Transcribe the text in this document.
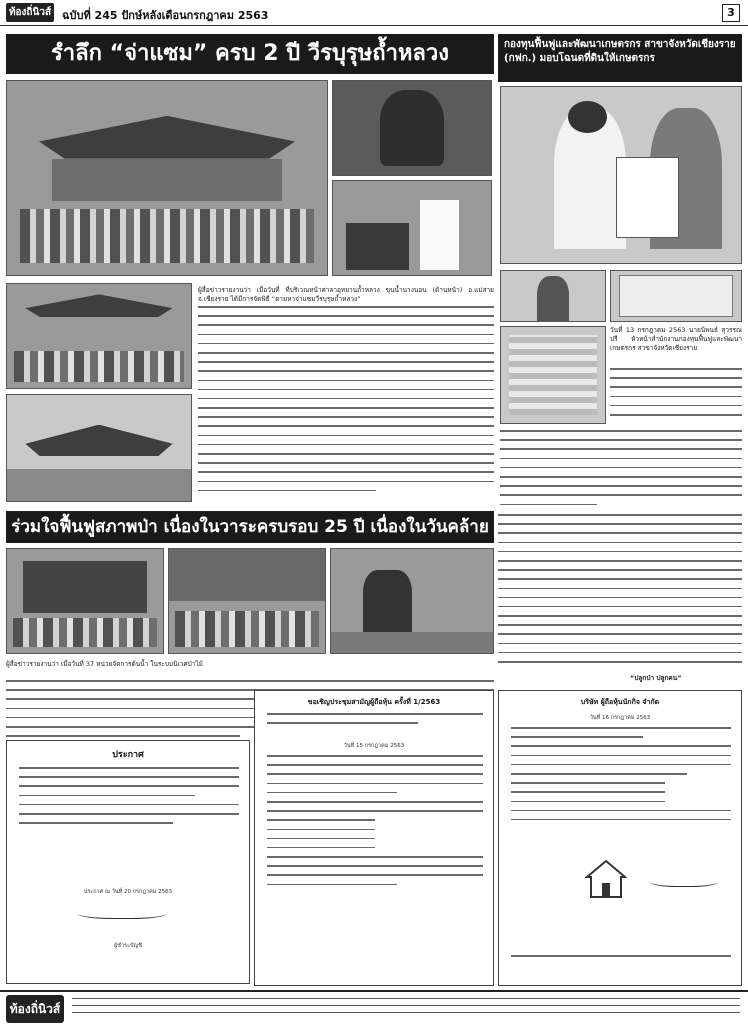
ท้องถิ่นิวส์ ฉบับที่ 245 ปักษ์หลังเดือนกรกฎาคม 2563	3
รำลึก “จ่าแซม” ครบ 2 ปี วีรบุรุษถ้ำหลวง
ผู้สื่อข่าวรายงานว่า เมื่อวันที่ ที่บริเวณหน้าศาลาอุทยานถ้ำหลวง ขุนน้ำนางนอน (ด้านหน้า) อ.แม่สาย จ.เชียงราย ได้มีการจัดพิธี “ตามหาจ่าแซมวีรบุรุษถ้ำหลวง”
กองทุนฟื้นฟูและพัฒนาเกษตรกร สาขาจังหวัดเชียงราย (กฟก.) มอบโฉนดที่ดินให้เกษตรกร
วันที่ 13 กรกฎาคม 2563 นายนิพนธ์ สุวรรณปรี หัวหน้าสำนักงานกองทุนฟื้นฟูและพัฒนาเกษตรกร สาขาจังหวัดเชียงราย
ร่วมใจฟื้นฟูสภาพป่า เนื่องในวาระครบรอบ 25 ปี เนื่องในวันคล้ายวั
“ปลูกป่า ปลูกคน”
ผู้สื่อข่าวรายงานว่า เมื่อวันที่ 37 หน่วยจัดการต้นน้ำ ในระบบนิเวศป่าไม้
ประกาศ
ประกาศ ณ วันที่ 20 กรกฎาคม 2563
ผู้ชำระบัญชี
ขอเชิญประชุมสามัญผู้ถือหุ้น ครั้งที่ 1/2563
วันที่ 15 กรกฎาคม 2563
บริษัท ผู้ถือหุ้นนักกิจ จำกัด
วันที่ 16 กรกฎาคม 2563
ท้องถิ่นิวส์
